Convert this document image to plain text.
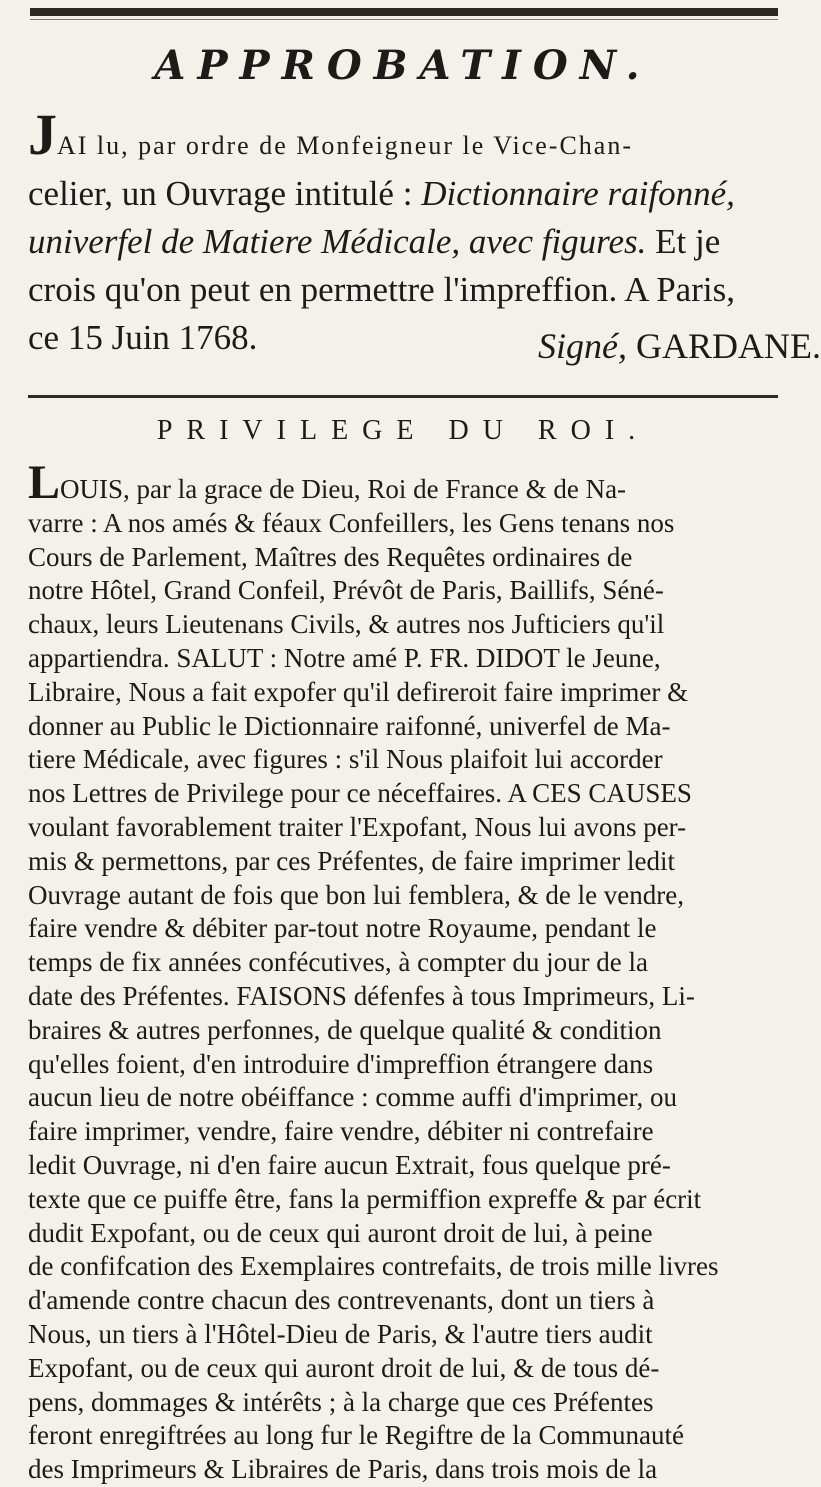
APPROBATION.

JAI lu, par ordre de Monfeigneur le Vice-Chan-
celier, un Ouvrage intitulé : Dictionnaire raifonné,
univerfel de Matiere Médicale, avec figures. Et je
crois qu'on peut en permettre l'impreffion. A Paris,
ce 15 Juin 1768.	Signé, GARDANE.
PRIVILEGE DU ROI.

LOUIS, par la grace de Dieu, Roi de France & de Na-
varre : A nos amés & féaux Confeillers, les Gens tenans nos
Cours de Parlement, Maîtres des Requêtes ordinaires de
notre Hôtel, Grand Confeil, Prévôt de Paris, Baillifs, Séné-
chaux, leurs Lieutenans Civils, & autres nos Jufticiers qu'il
appartiendra. SALUT : Notre amé P. FR. DIDOT le Jeune,
Libraire, Nous a fait expofer qu'il defireroit faire imprimer &
donner au Public le Dictionnaire raifonné, univerfel de Ma-
tiere Médicale, avec figures : s'il Nous plaifoit lui accorder
nos Lettres de Privilege pour ce néceffaires. A CES CAUSES
voulant favorablement traiter l'Expofant, Nous lui avons per-
mis & permettons, par ces Préfentes, de faire imprimer ledit
Ouvrage autant de fois que bon lui femblera, & de le vendre,
faire vendre & débiter par-tout notre Royaume, pendant le
temps de fix années confécutives, à compter du jour de la
date des Préfentes. FAISONS défenfes à tous Imprimeurs, Li-
braires & autres perfonnes, de quelque qualité & condition
qu'elles foient, d'en introduire d'impreffion étrangere dans
aucun lieu de notre obéiffance : comme auffi d'imprimer, ou
faire imprimer, vendre, faire vendre, débiter ni contrefaire
ledit Ouvrage, ni d'en faire aucun Extrait, fous quelque pré-
texte que ce puiffe être, fans la permiffion expreffe & par écrit
dudit Expofant, ou de ceux qui auront droit de lui, à peine
de confifcation des Exemplaires contrefaits, de trois mille livres
d'amende contre chacun des contrevenants, dont un tiers à
Nous, un tiers à l'Hôtel-Dieu de Paris, & l'autre tiers audit
Expofant, ou de ceux qui auront droit de lui, & de tous dé-
pens, dommages & intérêts ; à la charge que ces Préfentes
feront enregiftrées au long fur le Regiftre de la Communauté
des Imprimeurs & Libraires de Paris, dans trois mois de la
